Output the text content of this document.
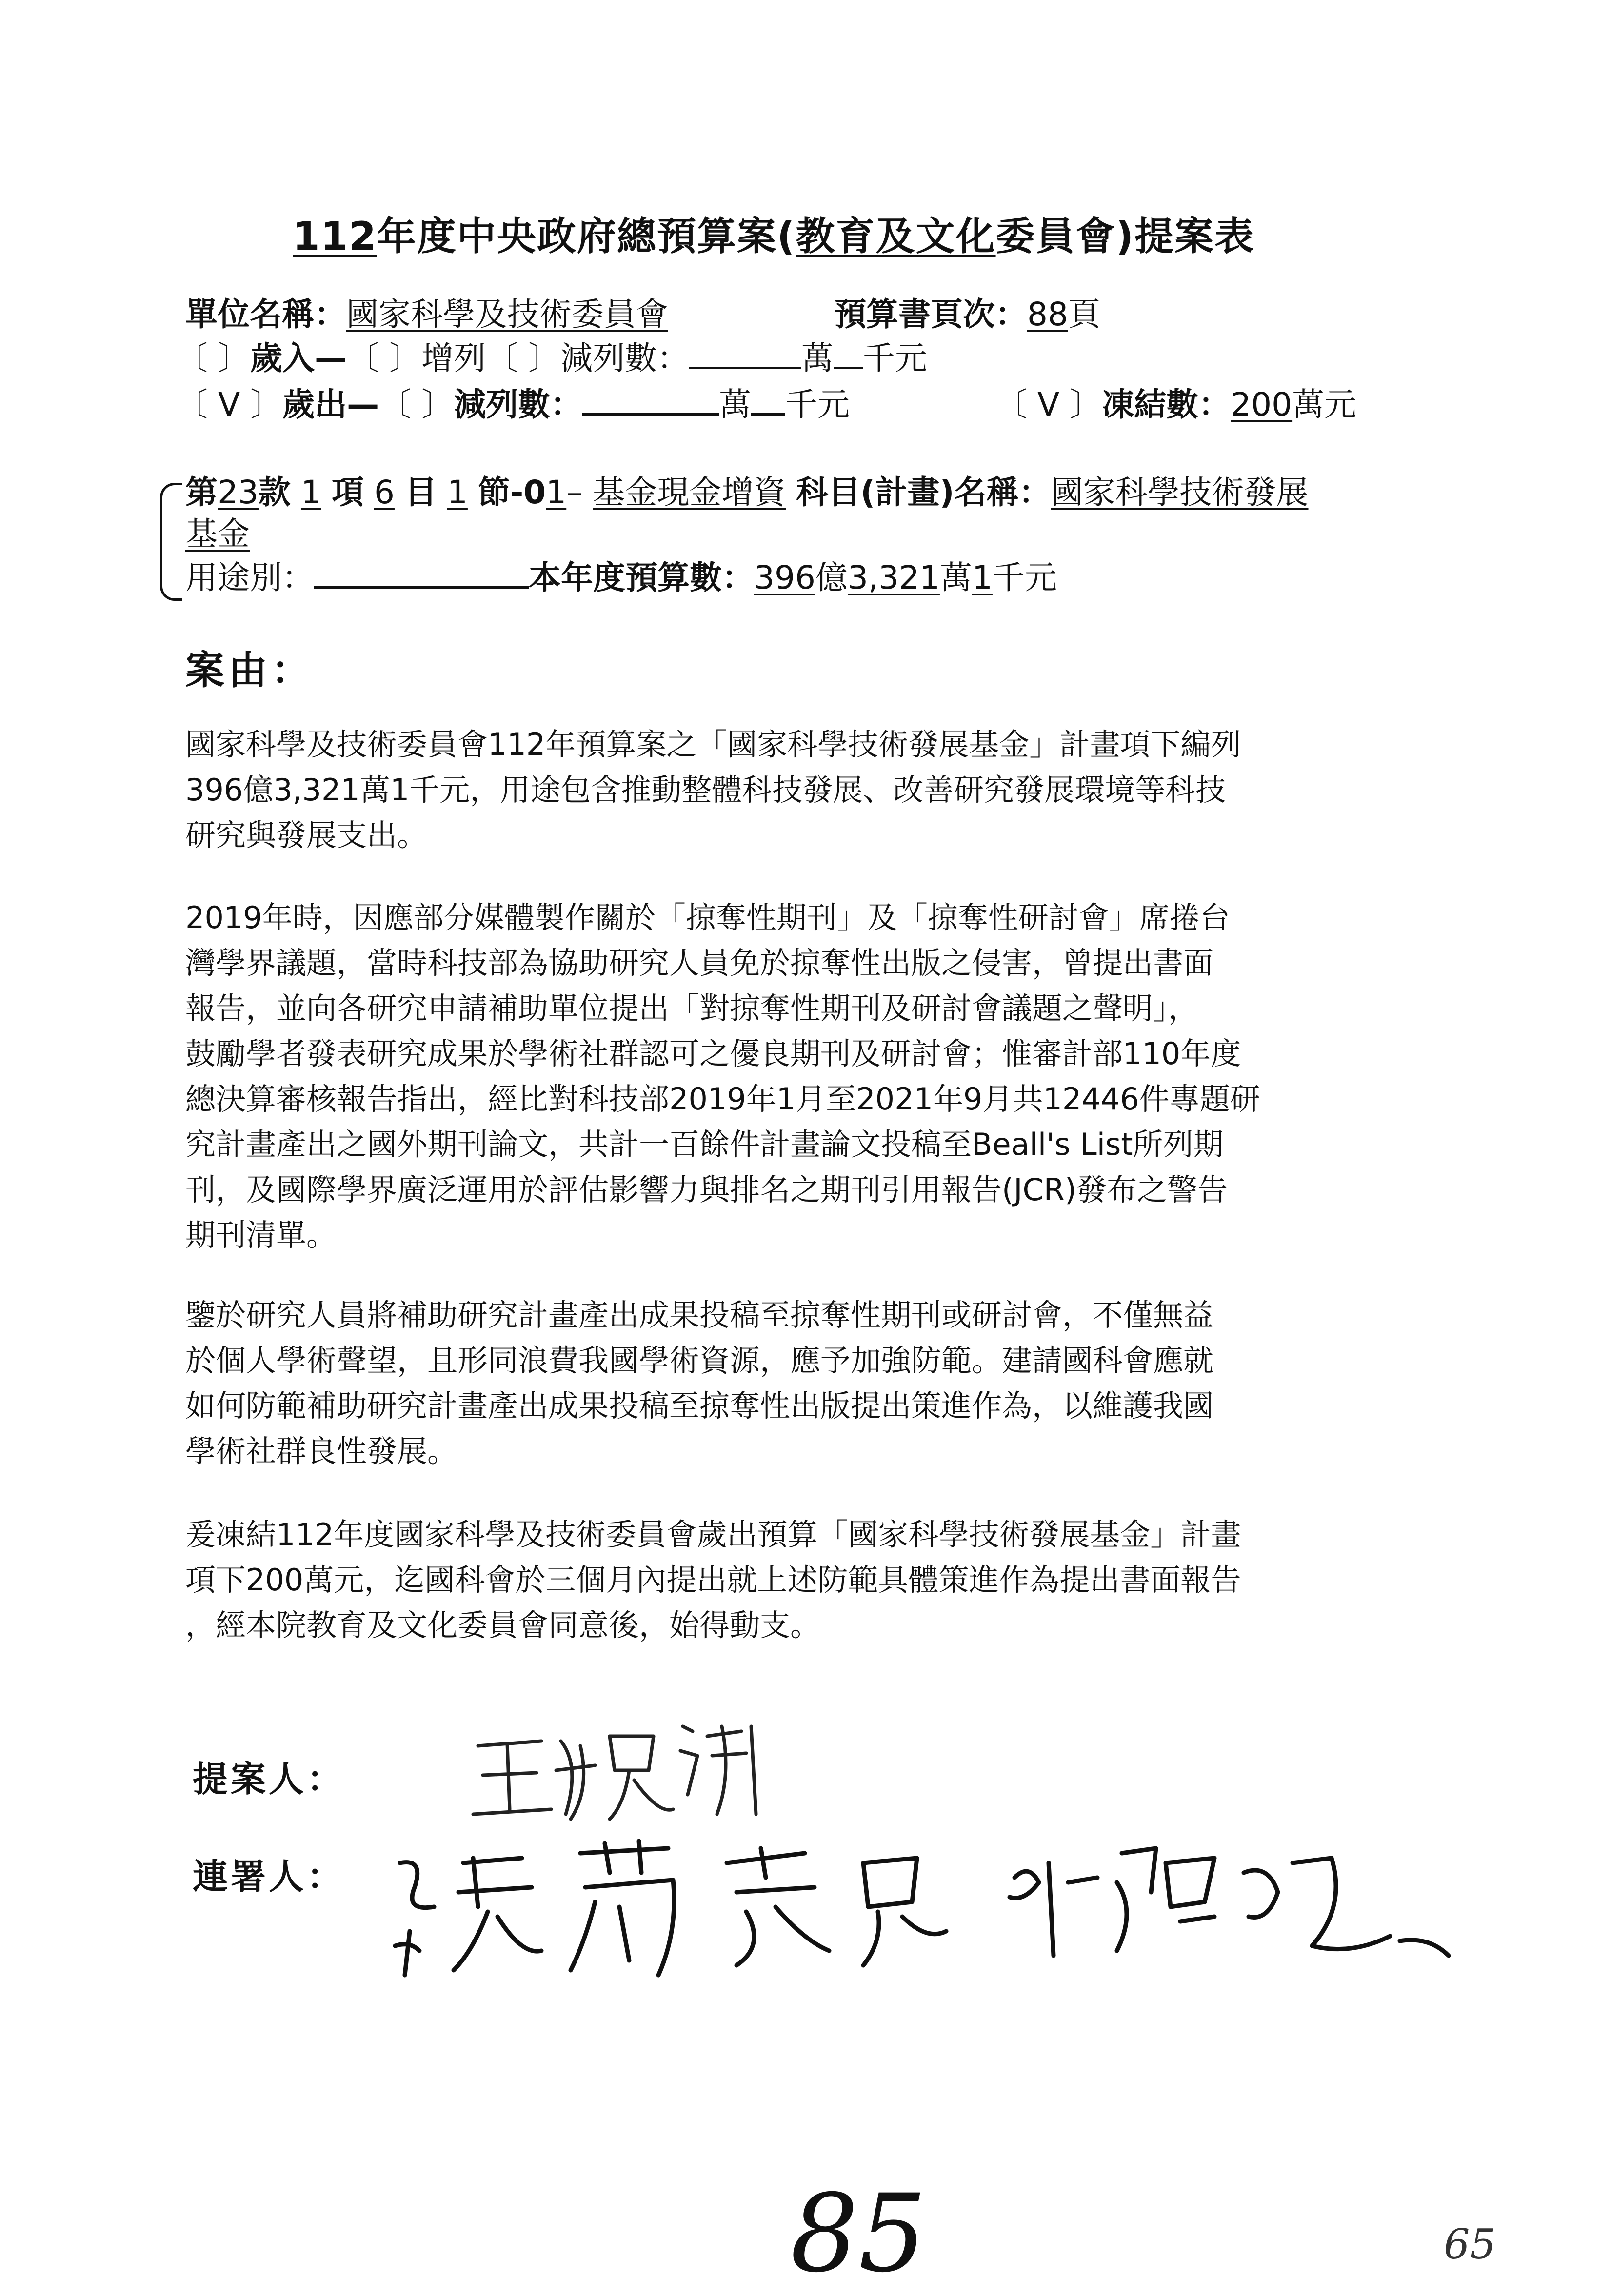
112年度中央政府總預算案(教育及文化委員會)提案表
單位名稱：國家科學及技術委員會	預算書頁次：88頁
〔 〕歲入—〔 〕增列〔 〕減列數：	萬 千元
〔 V 〕歲出—〔 〕減列數：	萬 千元	〔 V 〕凍結數：200萬元
第23款 1 項 6 目 1 節-01– 基金現金增資 科目(計畫)名稱：國家科學技術發展
基金
用途別：	本年度預算數：396億3,321萬1千元
案由：
國家科學及技術委員會112年預算案之「國家科學技術發展基金」計畫項下編列
396億3,321萬1千元，用途包含推動整體科技發展、改善研究發展環境等科技
研究與發展支出。
2019年時，因應部分媒體製作關於「掠奪性期刊」及「掠奪性研討會」席捲台
灣學界議題，當時科技部為協助研究人員免於掠奪性出版之侵害，曾提出書面
報告，並向各研究申請補助單位提出「對掠奪性期刊及研討會議題之聲明」，
鼓勵學者發表研究成果於學術社群認可之優良期刊及研討會；惟審計部110年度
總決算審核報告指出，經比對科技部2019年1月至2021年9月共12446件專題研
究計畫產出之國外期刊論文，共計一百餘件計畫論文投稿至Beall's List所列期
刊，及國際學界廣泛運用於評估影響力與排名之期刊引用報告(JCR)發布之警告
期刊清單。
鑒於研究人員將補助研究計畫產出成果投稿至掠奪性期刊或研討會，不僅無益
於個人學術聲望，且形同浪費我國學術資源，應予加強防範。建請國科會應就
如何防範補助研究計畫產出成果投稿至掠奪性出版提出策進作為，以維護我國
學術社群良性發展。
爰凍結112年度國家科學及技術委員會歲出預算「國家科學技術發展基金」計畫
項下200萬元，迄國科會於三個月內提出就上述防範具體策進作為提出書面報告
，經本院教育及文化委員會同意後，始得動支。
提案人：
連署人：
85	65
